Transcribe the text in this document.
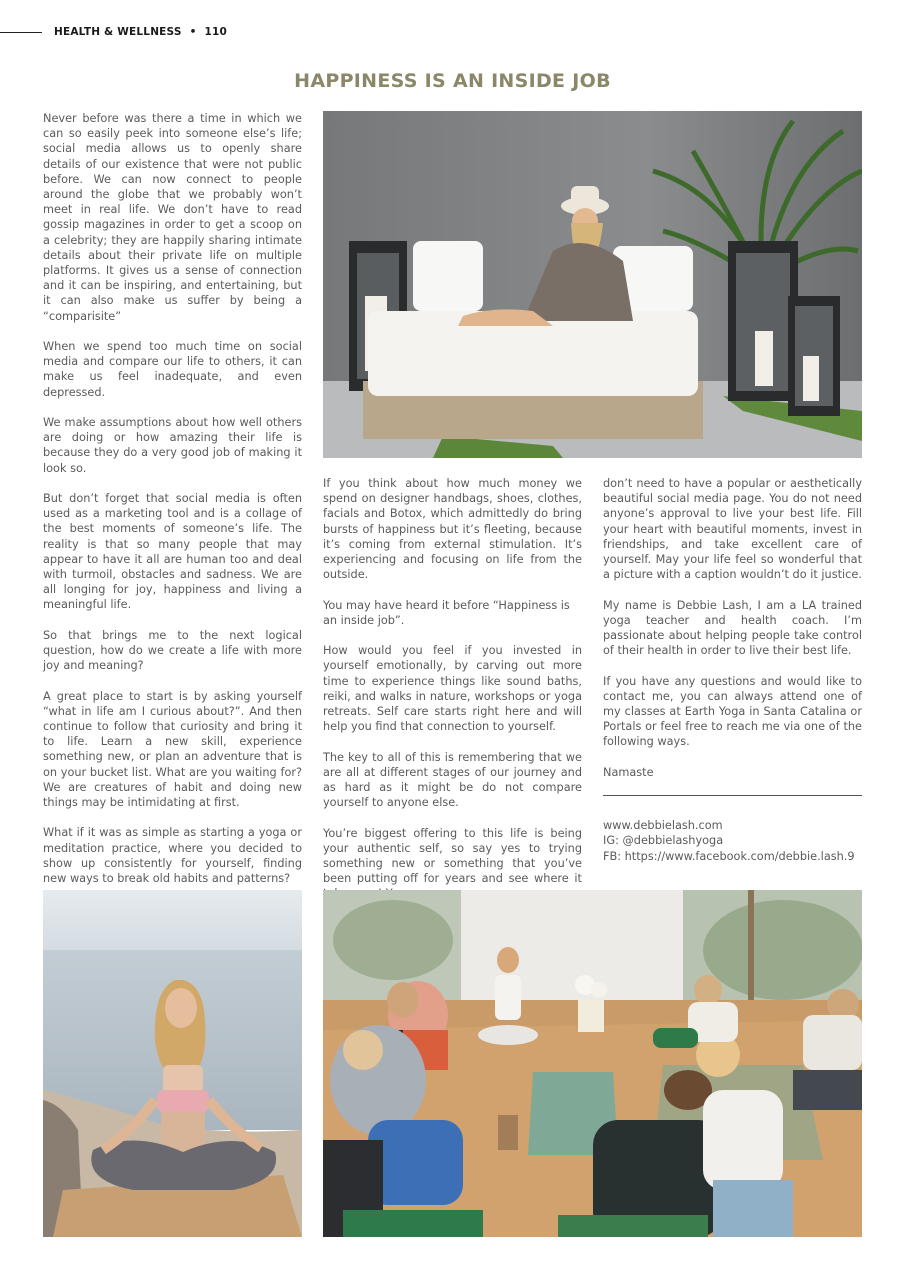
HEALTH & WELLNESS • 110
HAPPINESS IS AN INSIDE JOB

Never before was there a time in which we can so easily peek into someone else’s life; social media allows us to openly share details of our existence that were not public before. We can now connect to people around the globe that we probably won’t meet in real life. We don’t have to read gossip magazines in order to get a scoop on a celebrity; they are happily sharing intimate details about their private life on multiple platforms. It gives us a sense of connection and it can be inspiring, and entertaining, but it can also make us suffer by being a “comparisite”

When we spend too much time on social media and compare our life to others, it can make us feel inadequate, and even depressed.

We make assumptions about how well others are doing or how amazing their life is because they do a very good job of making it look so.

But don’t forget that social media is often used as a marketing tool and is a collage of the best moments of someone’s life. The reality is that so many people that may appear to have it all are human too and deal with turmoil, obstacles and sadness. We are all longing for joy, happiness and living a meaningful life.

So that brings me to the next logical question, how do we create a life with more joy and meaning?

A great place to start is by asking yourself “what in life am I curious about?”. And then continue to follow that curiosity and bring it to life. Learn a new skill, experience something new, or plan an adventure that is on your bucket list. What are you waiting for? We are creatures of habit and doing new things may be intimidating at first.

What if it was as simple as starting a yoga or meditation practice, where you decided to show up consistently for yourself, finding new ways to break old habits and patterns?

If you think about how much money we spend on designer handbags, shoes, clothes, facials and Botox, which admittedly do bring bursts of happiness but it’s fleeting, because it’s coming from external stimulation. It’s experiencing and focusing on life from the outside.

You may have heard it before “Happiness is an inside job”.

How would you feel if you invested in yourself emotionally, by carving out more time to experience things like sound baths, reiki, and walks in nature, workshops or yoga retreats. Self care starts right here and will help you find that connection to yourself.

The key to all of this is remembering that we are all at different stages of our journey and as hard as it might be do not compare yourself to anyone else.

You’re biggest offering to this life is being your authentic self, so say yes to trying something new or something that you’ve been putting off for years and see where it

don’t need to have a popular or aesthetically beautiful social media page. You do not need anyone’s approval to live your best life. Fill your heart with beautiful moments, invest in friendships, and take excellent care of yourself. May your life feel so wonderful that a picture with a caption wouldn’t do it justice.

My name is Debbie Lash, I am a LA trained yoga teacher and health coach. I’m passionate about helping people take control of their health in order to live their best life.

If you have any questions and would like to contact me, you can always attend one of my classes at Earth Yoga in Santa Catalina or Portals or feel free to reach me via one of the following ways.

Namaste

www.debbielash.com

IG: @debbielashyoga

FB: https://www.facebook.com/debbie.lash.9
